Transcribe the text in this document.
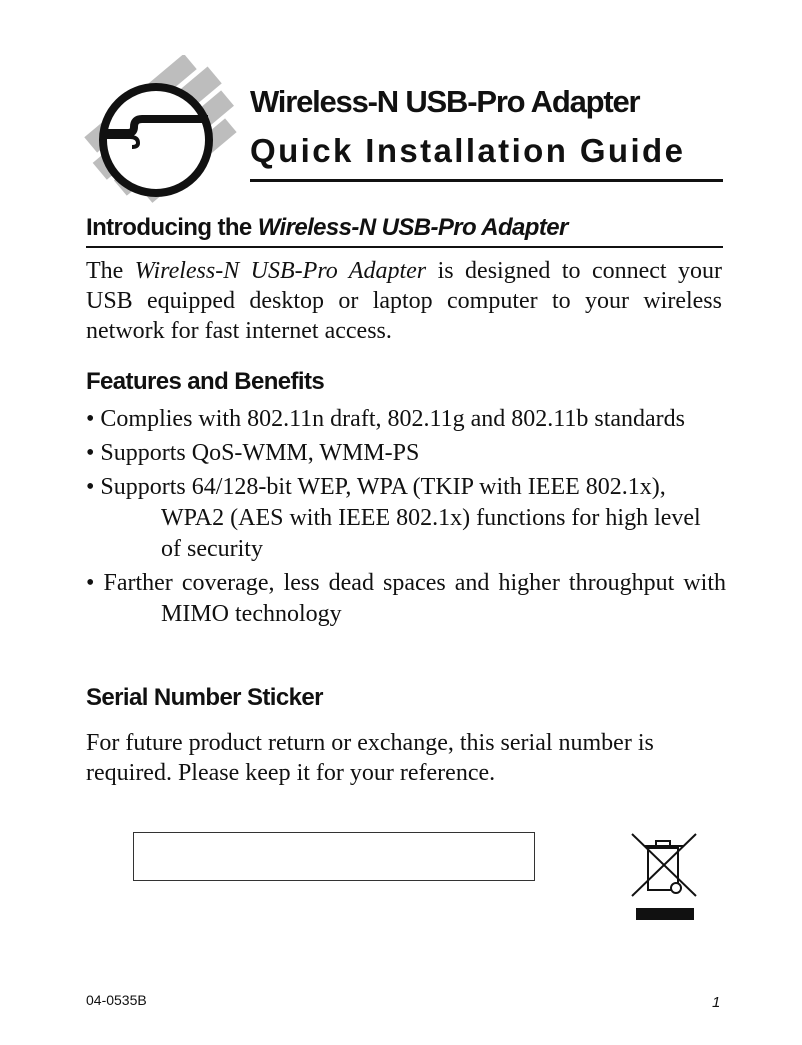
Wireless-N USB-Pro Adapter
Quick Installation Guide
Introducing the Wireless-N USB-Pro Adapter
The Wireless-N USB-Pro Adapter is designed to connect your USB equipped desktop or laptop computer to your wireless network for fast internet access.
Features and Benefits
• Complies with 802.11n draft, 802.11g and 802.11b standards
• Supports QoS-WMM, WMM-PS
• Supports 64/128-bit WEP, WPA (TKIP with IEEE 802.1x), WPA2 (AES with IEEE 802.1x) functions for high level of security
• Farther coverage, less dead spaces and higher throughput with MIMO technology
Serial Number Sticker
For future product return or exchange, this serial number is required. Please keep it for your reference.
04-0535B	1
